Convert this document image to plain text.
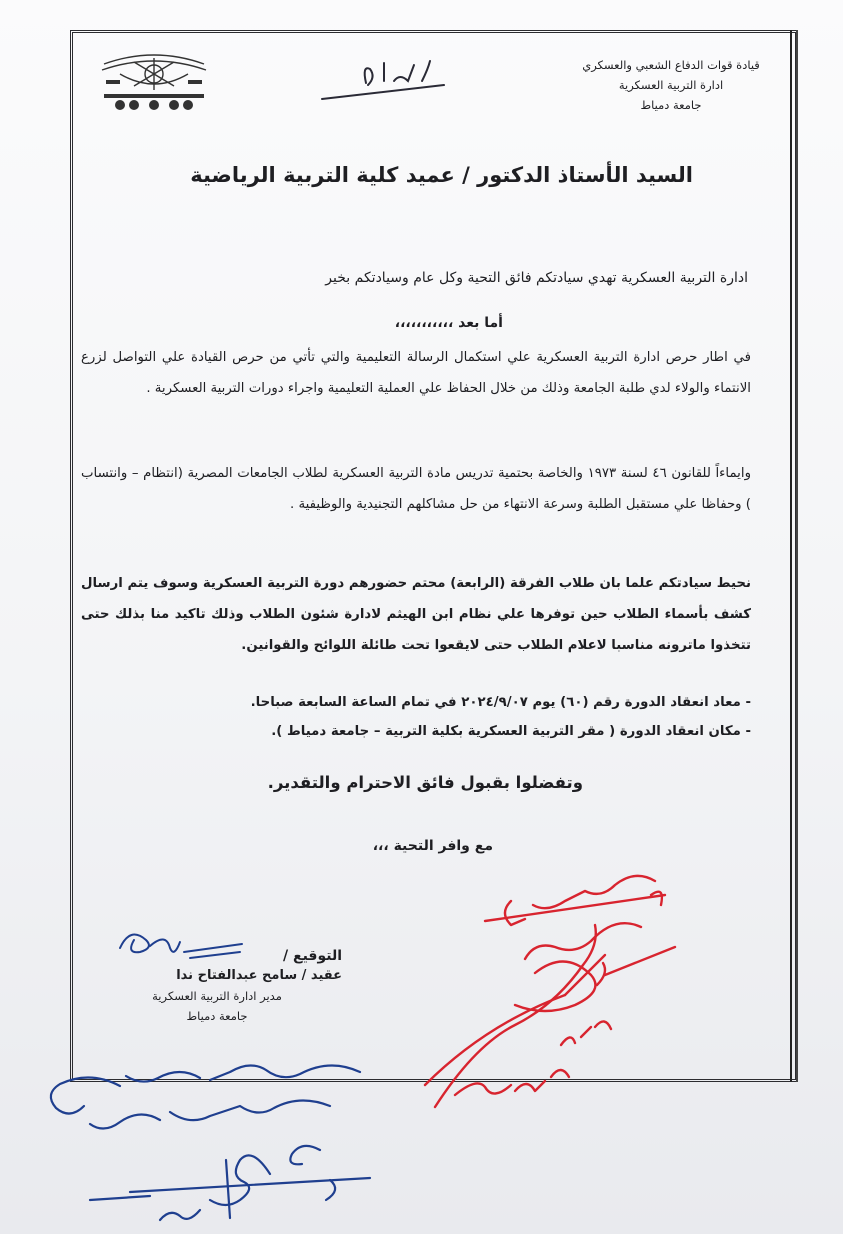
قيادة قوات الدفاع الشعبي والعسكري
ادارة التربية العسكرية
جامعة دمياط
السيد الأستاذ الدكتور / عميد كلية التربية الرياضية
ادارة التربية العسكرية تهدي سيادتكم فائق التحية وكل عام وسيادتكم بخير
أما بعد ،،،،،،،،،،،
في اطار حرص ادارة التربية العسكرية علي استكمال الرسالة التعليمية والتي تأتي من حرص القيادة علي التواصل لزرع الانتماء والولاء لدي طلبة الجامعة وذلك من خلال الحفاظ علي العملية التعليمية واجراء دورات التربية العسكرية .
وايماءاً للقانون ٤٦ لسنة ١٩٧٣ والخاصة بحتمية تدريس مادة التربية العسكرية لطلاب الجامعات المصرية (انتظام – وانتساب ) وحفاظا علي مستقبل الطلبة وسرعة الانتهاء من حل مشاكلهم التجنيدية والوظيفية .
نحيط سيادتكم علما بان طلاب الفرقة (الرابعة) محتم حضورهم دورة التربية العسكرية وسوف يتم ارسال كشف بأسماء الطلاب حين توفرها علي نظام ابن الهيثم لادارة شئون الطلاب وذلك تاكيد منا بذلك حتى تتخذوا ماترونه مناسبا لاعلام الطلاب حتى لايقعوا تحت طائلة اللوائح والقوانين.
- معاد انعقاد الدورة رقم (٦٠) يوم ٢٠٢٤/٩/٠٧ في تمام الساعة السابعة صباحا.
- مكان انعقاد الدورة ( مقر التربية العسكرية بكلية التربية – جامعة دمياط ).
وتفضلوا بقبول فائق الاحترام والتقدير.
مع وافر التحية ،،،
التوقيع /
عقيد / سامح عبدالفتاح ندا
مدير ادارة التربية العسكرية
جامعة دمياط
